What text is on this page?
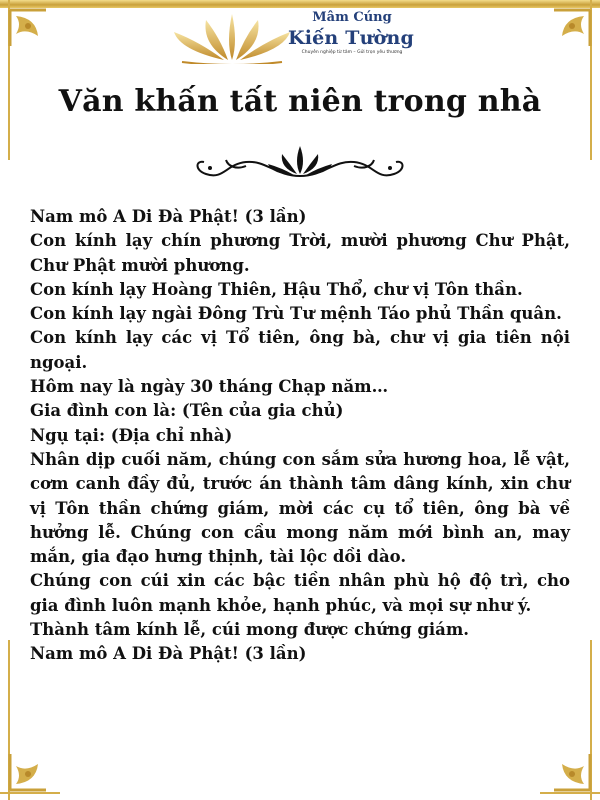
Mâm Cúng
Kiến Tường
Chuyên nghiệp từ tâm – Gửi trọn yêu thương
Văn khấn tất niên trong nhà

Nam mô A Di Đà Phật! (3 lần)

Con kính lạy chín phương Trời, mười phương Chư Phật, Chư Phật mười phương.

Con kính lạy Hoàng Thiên, Hậu Thổ, chư vị Tôn thần.

Con kính lạy ngài Đông Trù Tư mệnh Táo phủ Thần quân.

Con kính lạy các vị Tổ tiên, ông bà, chư vị gia tiên nội ngoại.

Hôm nay là ngày 30 tháng Chạp năm…

Gia đình con là: (Tên của gia chủ)

Ngụ tại: (Địa chỉ nhà)

Nhân dịp cuối năm, chúng con sắm sửa hương hoa, lễ vật, cơm canh đầy đủ, trước án thành tâm dâng kính, xin chư vị Tôn thần chứng giám, mời các cụ tổ tiên, ông bà về hưởng lễ. Chúng con cầu mong năm mới bình an, may mắn, gia đạo hưng thịnh, tài lộc dồi dào.

Chúng con cúi xin các bậc tiền nhân phù hộ độ trì, cho gia đình luôn mạnh khỏe, hạnh phúc, và mọi sự như ý.

Thành tâm kính lễ, cúi mong được chứng giám.

Nam mô A Di Đà Phật! (3 lần)
